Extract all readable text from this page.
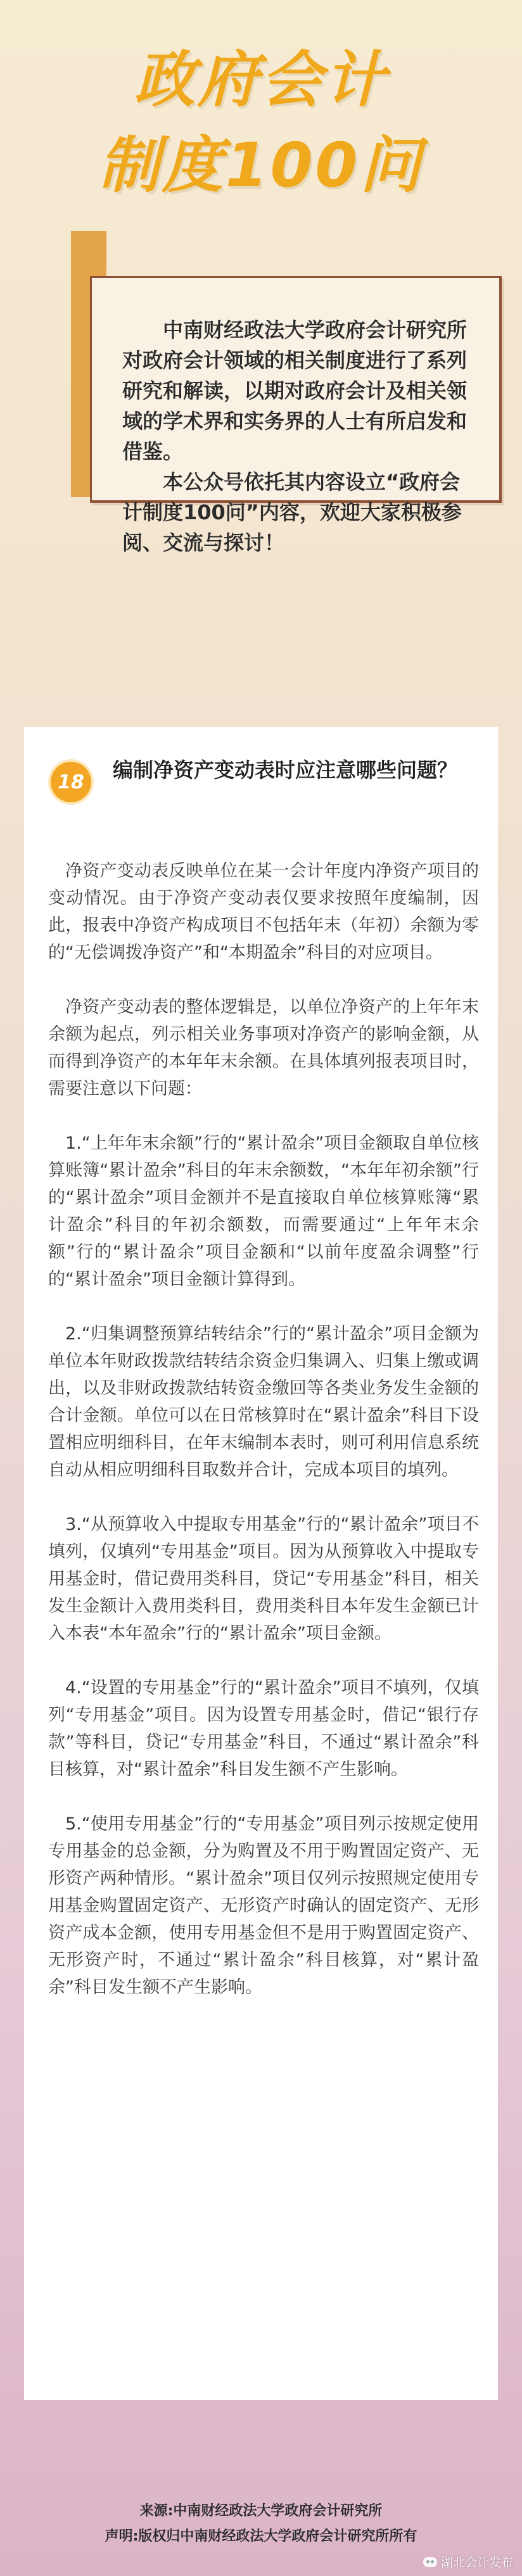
政府会计
制度100问

中南财经政法大学政府会计研究所对政府会计领域的相关制度进行了系列研究和解读，以期对政府会计及相关领域的学术界和实务界的人士有所启发和借鉴。

本公众号依托其内容设立“政府会计制度100问”内容，欢迎大家积极参阅、交流与探讨！

18	编制净资产变动表时应注意哪些问题？

净资产变动表反映单位在某一会计年度内净资产项目的变动情况。由于净资产变动表仅要求按照年度编制，因此，报表中净资产构成项目不包括年末（年初）余额为零的“无偿调拨净资产”和“本期盈余”科目的对应项目。

净资产变动表的整体逻辑是，以单位净资产的上年年末余额为起点，列示相关业务事项对净资产的影响金额，从而得到净资产的本年年末余额。在具体填列报表项目时，需要注意以下问题：

1.“上年年末余额”行的“累计盈余”项目金额取自单位核算账簿“累计盈余”科目的年末余额数，“本年年初余额”行的“累计盈余”项目金额并不是直接取自单位核算账簿“累计盈余”科目的年初余额数，而需要通过“上年年末余额”行的“累计盈余”项目金额和“以前年度盈余调整”行的“累计盈余”项目金额计算得到。

2.“归集调整预算结转结余”行的“累计盈余”项目金额为单位本年财政拨款结转结余资金归集调入、归集上缴或调出，以及非财政拨款结转资金缴回等各类业务发生金额的合计金额。单位可以在日常核算时在“累计盈余”科目下设置相应明细科目，在年末编制本表时，则可利用信息系统自动从相应明细科目取数并合计，完成本项目的填列。

3.“从预算收入中提取专用基金”行的“累计盈余”项目不填列，仅填列“专用基金”项目。因为从预算收入中提取专用基金时，借记费用类科目，贷记“专用基金”科目，相关发生金额计入费用类科目，费用类科目本年发生金额已计入本表“本年盈余”行的“累计盈余”项目金额。

4.“设置的专用基金”行的“累计盈余”项目不填列，仅填列“专用基金”项目。因为设置专用基金时，借记“银行存款”等科目，贷记“专用基金”科目，不通过“累计盈余”科目核算，对“累计盈余”科目发生额不产生影响。

5.“使用专用基金”行的“专用基金”项目列示按规定使用专用基金的总金额，分为购置及不用于购置固定资产、无形资产两种情形。“累计盈余”项目仅列示按照规定使用专用基金购置固定资产、无形资产时确认的固定资产、无形资产成本金额，使用专用基金但不是用于购置固定资产、无形资产时，不通过“累计盈余”科目核算，对“累计盈余”科目发生额不产生影响。

来源:中南财经政法大学政府会计研究所
声明:版权归中南财经政法大学政府会计研究所所有
湖北会计发布
